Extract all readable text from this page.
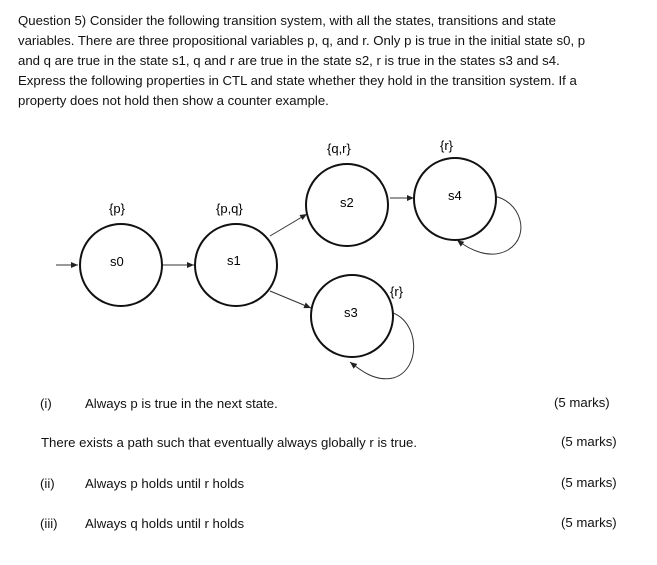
Question 5) Consider the following transition system, with all the states, transitions and state

variables. There are three propositional variables p, q, and r. Only p is true in the initial state s0, p

and q are true in the state s1, q and r are true in the state s2, r is true in the states s3 and s4.

Express the following properties in CTL and state whether they hold in the transition system. If a

property does not hold then show a counter example.

s0	s1
s2
s3
s4
{p}	{p,q}
{q,r}
{r}
{r}
(i)	Always p is true in the next state.	(5 marks)
There exists a path such that eventually always globally r is true.	(5 marks)
(ii) Always p holds until r holds	(5 marks)
(iii) Always q holds until r holds	(5 marks)
